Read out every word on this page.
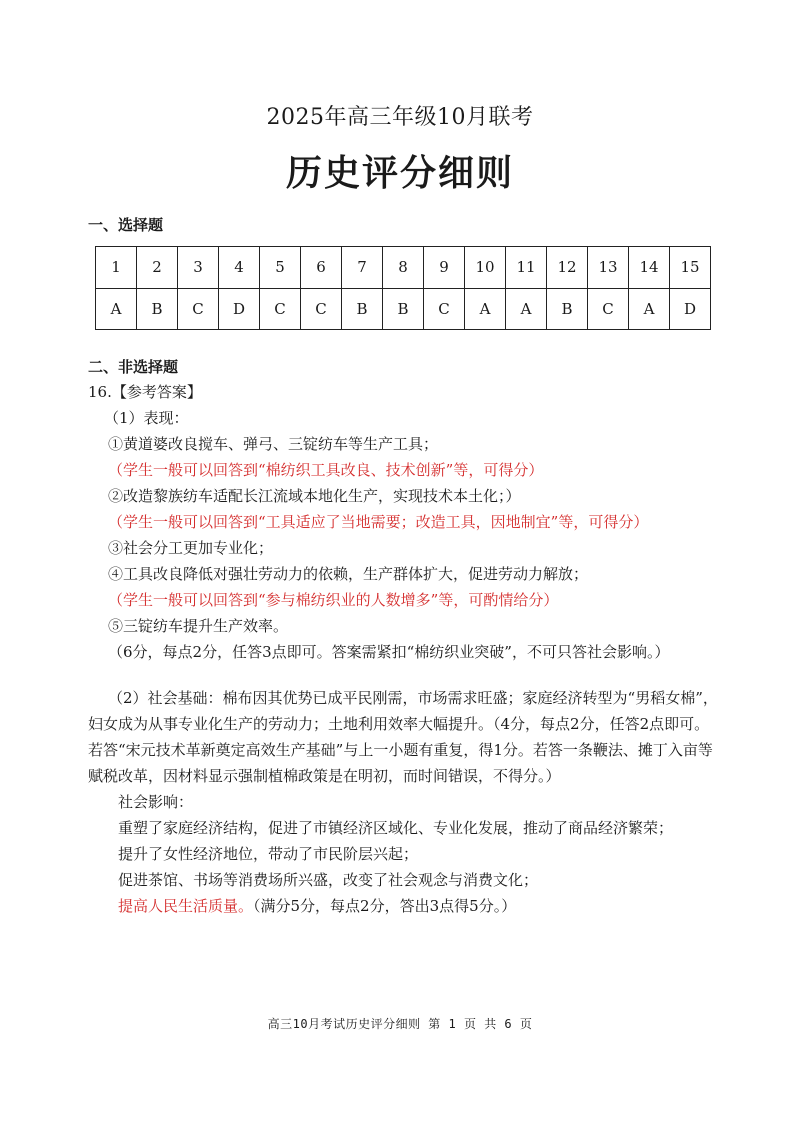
2025年高三年级10月联考
历史评分细则
一、选择题
1	2	3	4	5	6	7	8	9	10	11	12	13	14	15
A	B	C	D	C	C	B	B	C	A	A	B	C	A	D
二、非选择题
16.【参考答案】
（1）表现：
①黄道婆改良搅车、弹弓、三锭纺车等生产工具；
（学生一般可以回答到“棉纺织工具改良、技术创新”等，可得分）
②改造黎族纺车适配长江流域本地化生产，实现技术本土化；）
（学生一般可以回答到“工具适应了当地需要；改造工具，因地制宜”等，可得分）
③社会分工更加专业化；
④工具改良降低对强壮劳动力的依赖，生产群体扩大，促进劳动力解放；
（学生一般可以回答到“参与棉纺织业的人数增多”等，可酌情给分）
⑤三锭纺车提升生产效率。
（6分，每点2分，任答3点即可。答案需紧扣“棉纺织业突破”，不可只答社会影响。）
（2）社会基础：棉布因其优势已成平民刚需，市场需求旺盛；家庭经济转型为“男稻女棉”，
妇女成为从事专业化生产的劳动力；土地利用效率大幅提升。（4分，每点2分，任答2点即可。
若答“宋元技术革新奠定高效生产基础”与上一小题有重复，得1分。若答一条鞭法、摊丁入亩等
赋税改革，因材料显示强制植棉政策是在明初，而时间错误，不得分。）
社会影响：
重塑了家庭经济结构，促进了市镇经济区域化、专业化发展，推动了商品经济繁荣；
提升了女性经济地位，带动了市民阶层兴起；
促进茶馆、书场等消费场所兴盛，改变了社会观念与消费文化；
提高人民生活质量。（满分5分，每点2分，答出3点得5分。）
高三10月考试历史评分细则 第 1 页 共 6 页
